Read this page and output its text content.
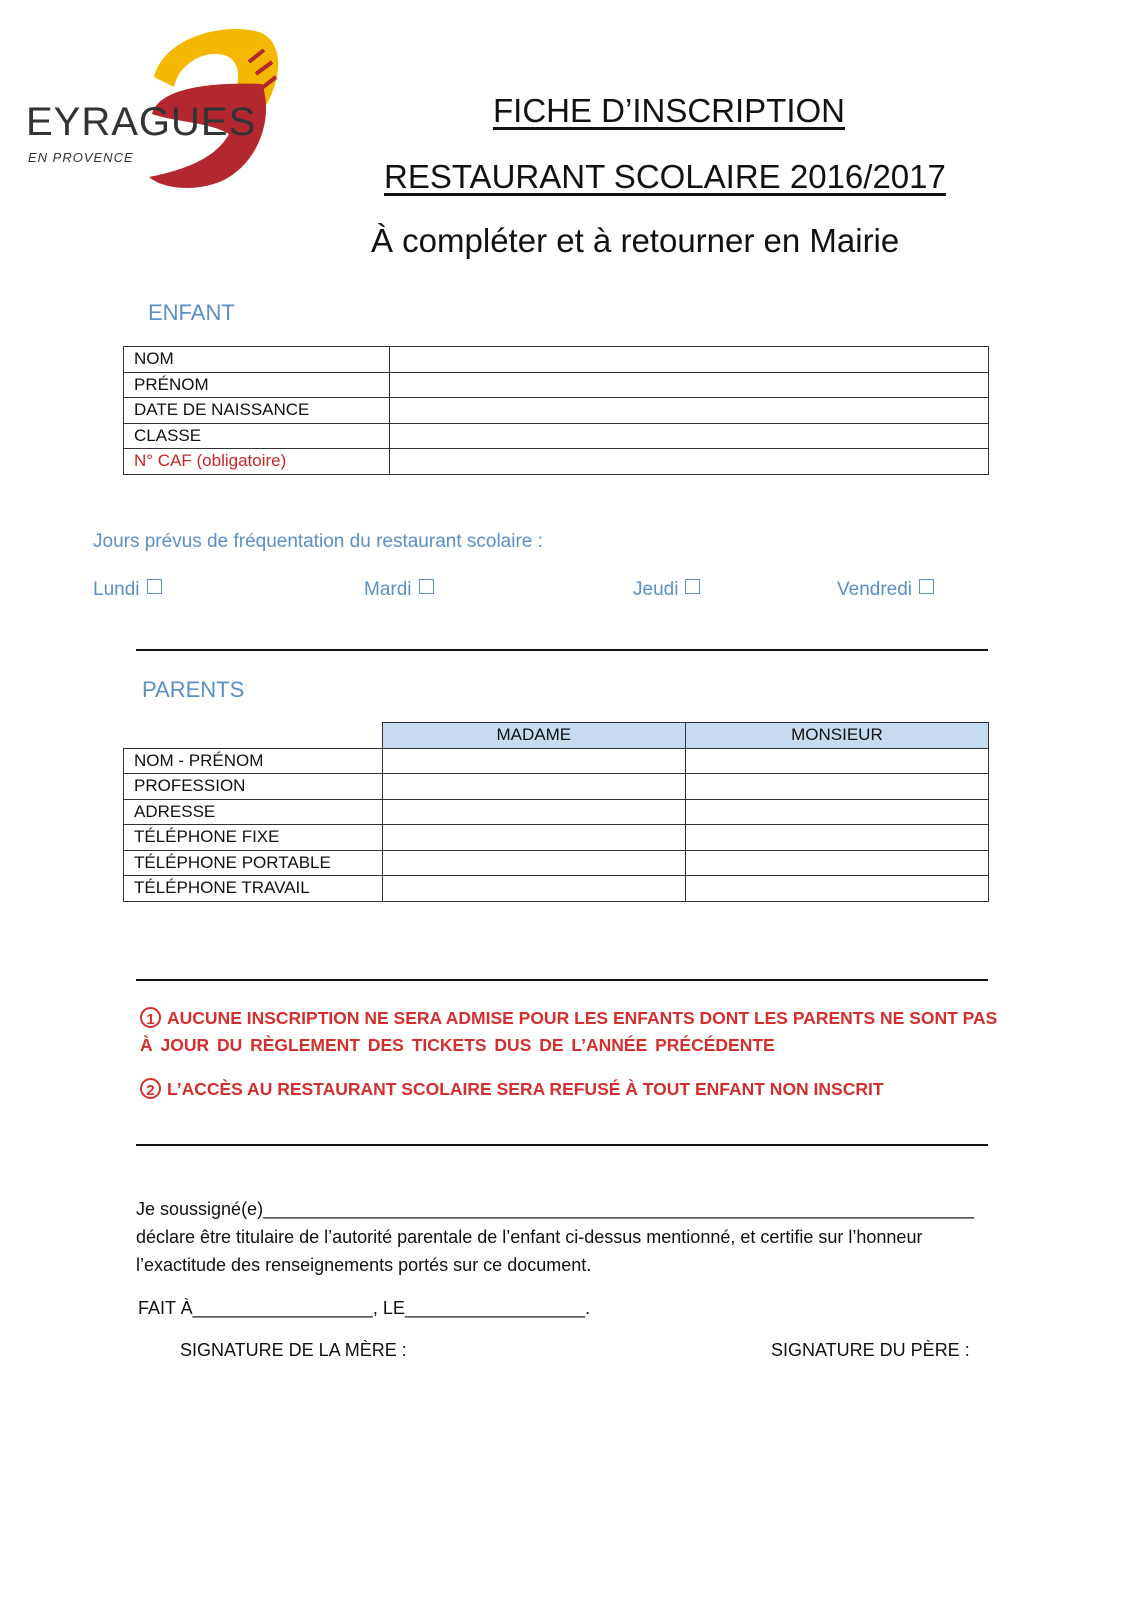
EYRAGUES
EN PROVENCE
FICHE D’INSCRIPTION
RESTAURANT SCOLAIRE 2016/2017
À compléter et à retourner en Mairie
ENFANT
NOM	
PRÉNOM	
DATE DE NAISSANCE	
CLASSE	
N° CAF (obligatoire)	
Jours prévus de fréquentation du restaurant scolaire :
Lundi	Mardi	Jeudi	Vendredi
PARENTS
	MADAME	MONSIEUR
NOM - PRÉNOM		
PROFESSION		
ADRESSE		
TÉLÉPHONE FIXE		
TÉLÉPHONE PORTABLE		
TÉLÉPHONE TRAVAIL		
1 AUCUNE INSCRIPTION NE SERA ADMISE POUR LES ENFANTS DONT LES PARENTS NE SONT PAS
À JOUR DU RÈGLEMENT DES TICKETS DUS DE L’ANNÉE PRÉCÉDENTE
2 L’ACCÈS AU RESTAURANT SCOLAIRE SERA REFUSÉ À TOUT ENFANT NON INSCRIT
Je soussigné(e)_______________________________________________________________________
déclare être titulaire de l’autorité parentale de l’enfant ci-dessus mentionné, et certifie sur l’honneur
l’exactitude des renseignements portés sur ce document.
FAIT À__________________, LE__________________.
SIGNATURE DE LA MÈRE :	SIGNATURE DU PÈRE :
